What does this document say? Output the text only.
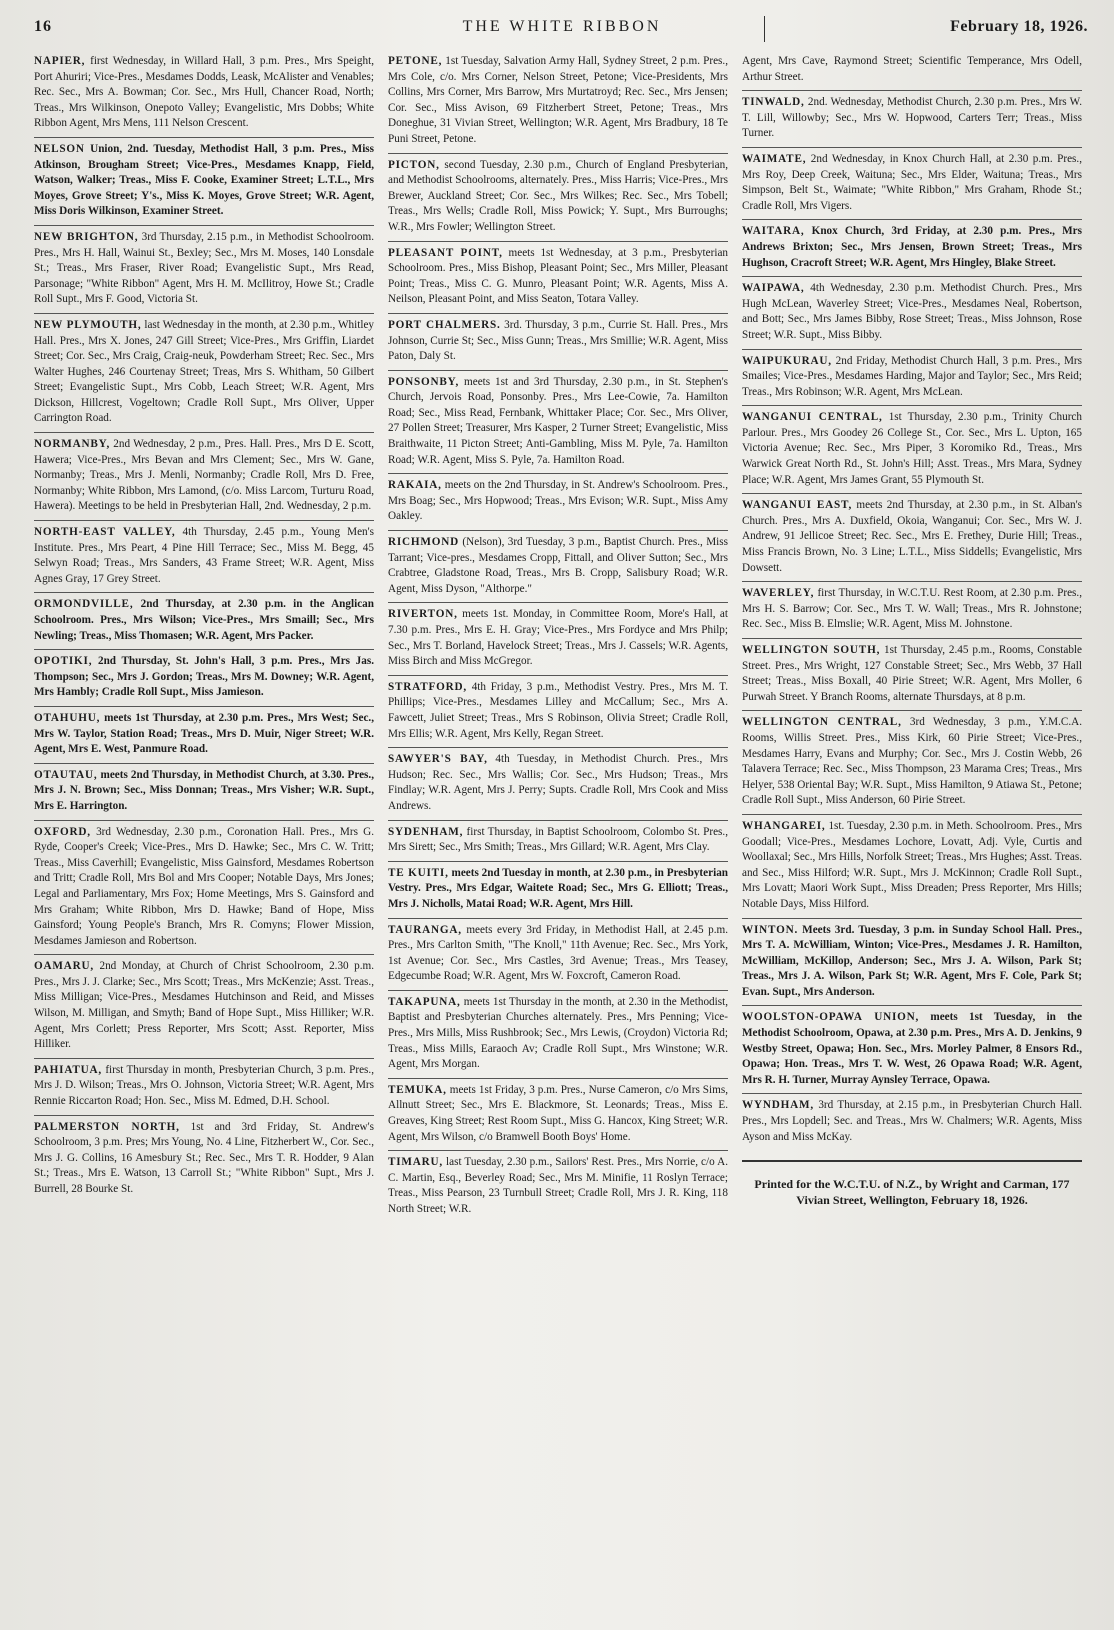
16	THE WHITE RIBBON	February 18, 1926.
NAPIER, first Wednesday, in Willard Hall, 3 p.m. Pres., Mrs Speight, Port Ahuriri; Vice-Pres., Mesdames Dodds, Leask, McAlister and Venables; Rec. Sec., Mrs A. Bowman; Cor. Sec., Mrs Hull, Chancer Road, North; Treas., Mrs Wilkinson, Onepoto Valley; Evangelistic, Mrs Dobbs; White Ribbon Agent, Mrs Mens, 111 Nelson Crescent.
NELSON Union, 2nd. Tuesday, Methodist Hall, 3 p.m. Pres., Miss Atkinson, Brougham Street; Vice-Pres., Mesdames Knapp, Field, Watson, Walker; Treas., Miss F. Cooke, Examiner Street; L.T.L., Mrs Moyes, Grove Street; Y's., Miss K. Moyes, Grove Street; W.R. Agent, Miss Doris Wilkinson, Examiner Street.
NEW BRIGHTON, 3rd Thursday, 2.15 p.m., in Methodist Schoolroom. Pres., Mrs H. Hall, Wainui St., Bexley; Sec., Mrs M. Moses, 140 Lonsdale St.; Treas., Mrs Fraser, River Road; Evangelistic Supt., Mrs Read, Parsonage; "White Ribbon" Agent, Mrs H. M. McIlitroy, Howe St.; Cradle Roll Supt., Mrs F. Good, Victoria St.
NEW PLYMOUTH, last Wednesday in the month, at 2.30 p.m., Whitley Hall. Pres., Mrs X. Jones, 247 Gill Street; Vice-Pres., Mrs Griffin, Liardet Street; Cor. Sec., Mrs Craig, Craig-neuk, Powderham Street; Rec. Sec., Mrs Walter Hughes, 246 Courtenay Street; Treas, Mrs S. Whitham, 50 Gilbert Street; Evangelistic Supt., Mrs Cobb, Leach Street; W.R. Agent, Mrs Dickson, Hillcrest, Vogeltown; Cradle Roll Supt., Mrs Oliver, Upper Carrington Road.
NORMANBY, 2nd Wednesday, 2 p.m., Pres. Hall. Pres., Mrs D E. Scott, Hawera; Vice-Pres., Mrs Bevan and Mrs Clement; Sec., Mrs W. Gane, Normanby; Treas., Mrs J. Menli, Normanby; Cradle Roll, Mrs D. Free, Normanby; White Ribbon, Mrs Lamond, (c/o. Miss Larcom, Turturu Road, Hawera). Meetings to be held in Presbyterian Hall, 2nd. Wednesday, 2 p.m.
NORTH-EAST VALLEY, 4th Thursday, 2.45 p.m., Young Men's Institute. Pres., Mrs Peart, 4 Pine Hill Terrace; Sec., Miss M. Begg, 45 Selwyn Road; Treas., Mrs Sanders, 43 Frame Street; W.R. Agent, Miss Agnes Gray, 17 Grey Street.
ORMONDVILLE, 2nd Thursday, at 2.30 p.m. in the Anglican Schoolroom. Pres., Mrs Wilson; Vice-Pres., Mrs Smaill; Sec., Mrs Newling; Treas., Miss Thomasen; W.R. Agent, Mrs Packer.
OPOTIKI, 2nd Thursday, St. John's Hall, 3 p.m. Pres., Mrs Jas. Thompson; Sec., Mrs J. Gordon; Treas., Mrs M. Downey; W.R. Agent, Mrs Hambly; Cradle Roll Supt., Miss Jamieson.
OTAHUHU, meets 1st Thursday, at 2.30 p.m. Pres., Mrs West; Sec., Mrs W. Taylor, Station Road; Treas., Mrs D. Muir, Niger Street; W.R. Agent, Mrs E. West, Panmure Road.
OTAUTAU, meets 2nd Thursday, in Methodist Church, at 3.30. Pres., Mrs J. N. Brown; Sec., Miss Donnan; Treas., Mrs Visher; W.R. Supt., Mrs E. Harrington.
OXFORD, 3rd Wednesday, 2.30 p.m., Coronation Hall. Pres., Mrs G. Ryde, Cooper's Creek; Vice-Pres., Mrs D. Hawke; Sec., Mrs C. W. Tritt; Treas., Miss Caverhill; Evangelistic, Miss Gainsford, Mesdames Robertson and Tritt; Cradle Roll, Mrs Bol and Mrs Cooper; Notable Days, Mrs Jones; Legal and Parliamentary, Mrs Fox; Home Meetings, Mrs S. Gainsford and Mrs Graham; White Ribbon, Mrs D. Hawke; Band of Hope, Miss Gainsford; Young People's Branch, Mrs R. Comyns; Flower Mission, Mesdames Jamieson and Robertson.
OAMARU, 2nd Monday, at Church of Christ Schoolroom, 2.30 p.m. Pres., Mrs J. J. Clarke; Sec., Mrs Scott; Treas., Mrs McKenzie; Asst. Treas., Miss Milligan; Vice-Pres., Mesdames Hutchinson and Reid, and Misses Wilson, M. Milligan, and Smyth; Band of Hope Supt., Miss Hilliker; W.R. Agent, Mrs Corlett; Press Reporter, Mrs Scott; Asst. Reporter, Miss Hilliker.
PAHIATUA, first Thursday in month, Presbyterian Church, 3 p.m. Pres., Mrs J. D. Wilson; Treas., Mrs O. Johnson, Victoria Street; W.R. Agent, Mrs Rennie Riccarton Road; Hon. Sec., Miss M. Edmed, D.H. School.
PALMERSTON NORTH, 1st and 3rd Friday, St. Andrew's Schoolroom, 3 p.m. Pres; Mrs Young, No. 4 Line, Fitzherbert W., Cor. Sec., Mrs J. G. Collins, 16 Amesbury St.; Rec. Sec., Mrs T. R. Hodder, 9 Alan St.; Treas., Mrs E. Watson, 13 Carroll St.; "White Ribbon" Supt., Mrs J. Burrell, 28 Bourke St.
PETONE, 1st Tuesday, Salvation Army Hall, Sydney Street, 2 p.m. Pres., Mrs Cole, c/o. Mrs Corner, Nelson Street, Petone; Vice-Presidents, Mrs Collins, Mrs Corner, Mrs Barrow, Mrs Murtatroyd; Rec. Sec., Mrs Jensen; Cor. Sec., Miss Avison, 69 Fitzherbert Street, Petone; Treas., Mrs Doneghue, 31 Vivian Street, Wellington; W.R. Agent, Mrs Bradbury, 18 Te Puni Street, Petone.
PICTON, second Tuesday, 2.30 p.m., Church of England Presbyterian, and Methodist Schoolrooms, alternately. Pres., Miss Harris; Vice-Pres., Mrs Brewer, Auckland Street; Cor. Sec., Mrs Wilkes; Rec. Sec., Mrs Tobell; Treas., Mrs Wells; Cradle Roll, Miss Powick; Y. Supt., Mrs Burroughs; W.R., Mrs Fowler; Wellington Street.
PLEASANT POINT, meets 1st Wednesday, at 3 p.m., Presbyterian Schoolroom. Pres., Miss Bishop, Pleasant Point; Sec., Mrs Miller, Pleasant Point; Treas., Miss C. G. Munro, Pleasant Point; W.R. Agents, Miss A. Neilson, Pleasant Point, and Miss Seaton, Totara Valley.
PORT CHALMERS. 3rd. Thursday, 3 p.m., Currie St. Hall. Pres., Mrs Johnson, Currie St; Sec., Miss Gunn; Treas., Mrs Smillie; W.R. Agent, Miss Paton, Daly St.
PONSONBY, meets 1st and 3rd Thursday, 2.30 p.m., in St. Stephen's Church, Jervois Road, Ponsonby. Pres., Mrs Lee-Cowie, 7a. Hamilton Road; Sec., Miss Read, Fernbank, Whittaker Place; Cor. Sec., Mrs Oliver, 27 Pollen Street; Treasurer, Mrs Kasper, 2 Turner Street; Evangelistic, Miss Braithwaite, 11 Picton Street; Anti-Gambling, Miss M. Pyle, 7a. Hamilton Road; W.R. Agent, Miss S. Pyle, 7a. Hamilton Road.
RAKAIA, meets on the 2nd Thursday, in St. Andrew's Schoolroom. Pres., Mrs Boag; Sec., Mrs Hopwood; Treas., Mrs Evison; W.R. Supt., Miss Amy Oakley.
RICHMOND (Nelson), 3rd Tuesday, 3 p.m., Baptist Church. Pres., Miss Tarrant; Vice-pres., Mesdames Cropp, Fittall, and Oliver Sutton; Sec., Mrs Crabtree, Gladstone Road, Treas., Mrs B. Cropp, Salisbury Road; W.R. Agent, Miss Dyson, "Althorpe."
RIVERTON, meets 1st. Monday, in Committee Room, More's Hall, at 7.30 p.m. Pres., Mrs E. H. Gray; Vice-Pres., Mrs Fordyce and Mrs Philp; Sec., Mrs T. Borland, Havelock Street; Treas., Mrs J. Cassels; W.R. Agents, Miss Birch and Miss McGregor.
STRATFORD, 4th Friday, 3 p.m., Methodist Vestry. Pres., Mrs M. T. Phillips; Vice-Pres., Mesdames Lilley and McCallum; Sec., Mrs A. Fawcett, Juliet Street; Treas., Mrs S Robinson, Olivia Street; Cradle Roll, Mrs Ellis; W.R. Agent, Mrs Kelly, Regan Street.
SAWYER'S BAY, 4th Tuesday, in Methodist Church. Pres., Mrs Hudson; Rec. Sec., Mrs Wallis; Cor. Sec., Mrs Hudson; Treas., Mrs Findlay; W.R. Agent, Mrs J. Perry; Supts. Cradle Roll, Mrs Cook and Miss Andrews.
SYDENHAM, first Thursday, in Baptist Schoolroom, Colombo St. Pres., Mrs Sirett; Sec., Mrs Smith; Treas., Mrs Gillard; W.R. Agent, Mrs Clay.
TE KUITI, meets 2nd Tuesday in month, at 2.30 p.m., in Presbyterian Vestry. Pres., Mrs Edgar, Waitete Road; Sec., Mrs G. Elliott; Treas., Mrs J. Nicholls, Matai Road; W.R. Agent, Mrs Hill.
TAURANGA, meets every 3rd Friday, in Methodist Hall, at 2.45 p.m. Pres., Mrs Carlton Smith, "The Knoll," 11th Avenue; Rec. Sec., Mrs York, 1st Avenue; Cor. Sec., Mrs Castles, 3rd Avenue; Treas., Mrs Teasey, Edgecumbe Road; W.R. Agent, Mrs W. Foxcroft, Cameron Road.
TAKAPUNA, meets 1st Thursday in the month, at 2.30 in the Methodist, Baptist and Presbyterian Churches alternately. Pres., Mrs Penning; Vice-Pres., Mrs Mills, Miss Rushbrook; Sec., Mrs Lewis, (Croydon) Victoria Rd; Treas., Miss Mills, Earaoch Av; Cradle Roll Supt., Mrs Winstone; W.R. Agent, Mrs Morgan.
TEMUKA, meets 1st Friday, 3 p.m. Pres., Nurse Cameron, c/o Mrs Sims, Allnutt Street; Sec., Mrs E. Blackmore, St. Leonards; Treas., Miss E. Greaves, King Street; Rest Room Supt., Miss G. Hancox, King Street; W.R. Agent, Mrs Wilson, c/o Bramwell Booth Boys' Home.
TIMARU, last Tuesday, 2.30 p.m., Sailors' Rest. Pres., Mrs Norrie, c/o A. C. Martin, Esq., Beverley Road; Sec., Mrs M. Minifie, 11 Roslyn Terrace; Treas., Miss Pearson, 23 Turnbull Street; Cradle Roll, Mrs J. R. King, 118 North Street; W.R.
Agent, Mrs Cave, Raymond Street; Scientific Temperance, Mrs Odell, Arthur Street.
TINWALD, 2nd. Wednesday, Methodist Church, 2.30 p.m. Pres., Mrs W. T. Lill, Willowby; Sec., Mrs W. Hopwood, Carters Terr; Treas., Miss Turner.
WAIMATE, 2nd Wednesday, in Knox Church Hall, at 2.30 p.m. Pres., Mrs Roy, Deep Creek, Waituna; Sec., Mrs Elder, Waituna; Treas., Mrs Simpson, Belt St., Waimate; "White Ribbon," Mrs Graham, Rhode St.; Cradle Roll, Mrs Vigers.
WAITARA, Knox Church, 3rd Friday, at 2.30 p.m. Pres., Mrs Andrews Brixton; Sec., Mrs Jensen, Brown Street; Treas., Mrs Hughson, Cracroft Street; W.R. Agent, Mrs Hingley, Blake Street.
WAIPAWA, 4th Wednesday, 2.30 p.m. Methodist Church. Pres., Mrs Hugh McLean, Waverley Street; Vice-Pres., Mesdames Neal, Robertson, and Bott; Sec., Mrs James Bibby, Rose Street; Treas., Miss Johnson, Rose Street; W.R. Supt., Miss Bibby.
WAIPUKURAU, 2nd Friday, Methodist Church Hall, 3 p.m. Pres., Mrs Smailes; Vice-Pres., Mesdames Harding, Major and Taylor; Sec., Mrs Reid; Treas., Mrs Robinson; W.R. Agent, Mrs McLean.
WANGANUI CENTRAL, 1st Thursday, 2.30 p.m., Trinity Church Parlour. Pres., Mrs Goodey 26 College St., Cor. Sec., Mrs L. Upton, 165 Victoria Avenue; Rec. Sec., Mrs Piper, 3 Koromiko Rd., Treas., Mrs Warwick Great North Rd., St. John's Hill; Asst. Treas., Mrs Mara, Sydney Place; W.R. Agent, Mrs James Grant, 55 Plymouth St.
WANGANUI EAST, meets 2nd Thursday, at 2.30 p.m., in St. Alban's Church. Pres., Mrs A. Duxfield, Okoia, Wanganui; Cor. Sec., Mrs W. J. Andrew, 91 Jellicoe Street; Rec. Sec., Mrs E. Frethey, Durie Hill; Treas., Miss Francis Brown, No. 3 Line; L.T.L., Miss Siddells; Evangelistic, Mrs Dowsett.
WAVERLEY, first Thursday, in W.C.T.U. Rest Room, at 2.30 p.m. Pres., Mrs H. S. Barrow; Cor. Sec., Mrs T. W. Wall; Treas., Mrs R. Johnstone; Rec. Sec., Miss B. Elmslie; W.R. Agent, Miss M. Johnstone.
WELLINGTON SOUTH, 1st Thursday, 2.45 p.m., Rooms, Constable Street. Pres., Mrs Wright, 127 Constable Street; Sec., Mrs Webb, 37 Hall Street; Treas., Miss Boxall, 40 Pirie Street; W.R. Agent, Mrs Moller, 6 Purwah Street. Y Branch Rooms, alternate Thursdays, at 8 p.m.
WELLINGTON CENTRAL, 3rd Wednesday, 3 p.m., Y.M.C.A. Rooms, Willis Street. Pres., Miss Kirk, 60 Pirie Street; Vice-Pres., Mesdames Harry, Evans and Murphy; Cor. Sec., Mrs J. Costin Webb, 26 Talavera Terrace; Rec. Sec., Miss Thompson, 23 Marama Cres; Treas., Mrs Helyer, 538 Oriental Bay; W.R. Supt., Miss Hamilton, 9 Atiawa St., Petone; Cradle Roll Supt., Miss Anderson, 60 Pirie Street.
WHANGAREI, 1st. Tuesday, 2.30 p.m. in Meth. Schoolroom. Pres., Mrs Goodall; Vice-Pres., Mesdames Lochore, Lovatt, Adj. Vyle, Curtis and Woollaxal; Sec., Mrs Hills, Norfolk Street; Treas., Mrs Hughes; Asst. Treas. and Sec., Miss Hilford; W.R. Supt., Mrs J. McKinnon; Cradle Roll Supt., Mrs Lovatt; Maori Work Supt., Miss Dreaden; Press Reporter, Mrs Hills; Notable Days, Miss Hilford.
WINTON. Meets 3rd. Tuesday, 3 p.m. in Sunday School Hall. Pres., Mrs T. A. McWilliam, Winton; Vice-Pres., Mesdames J. R. Hamilton, McWilliam, McKillop, Anderson; Sec., Mrs J. A. Wilson, Park St; Treas., Mrs J. A. Wilson, Park St; W.R. Agent, Mrs F. Cole, Park St; Evan. Supt., Mrs Anderson.
WOOLSTON-OPAWA UNION, meets 1st Tuesday, in the Methodist Schoolroom, Opawa, at 2.30 p.m. Pres., Mrs A. D. Jenkins, 9 Westby Street, Opawa; Hon. Sec., Mrs. Morley Palmer, 8 Ensors Rd., Opawa; Hon. Treas., Mrs T. W. West, 26 Opawa Road; W.R. Agent, Mrs R. H. Turner, Murray Aynsley Terrace, Opawa.
WYNDHAM, 3rd Thursday, at 2.15 p.m., in Presbyterian Church Hall. Pres., Mrs Lopdell; Sec. and Treas., Mrs W. Chalmers; W.R. Agents, Miss Ayson and Miss McKay.
Printed for the W.C.T.U. of N.Z., by Wright and Carman, 177 Vivian Street, Wellington, February 18, 1926.
